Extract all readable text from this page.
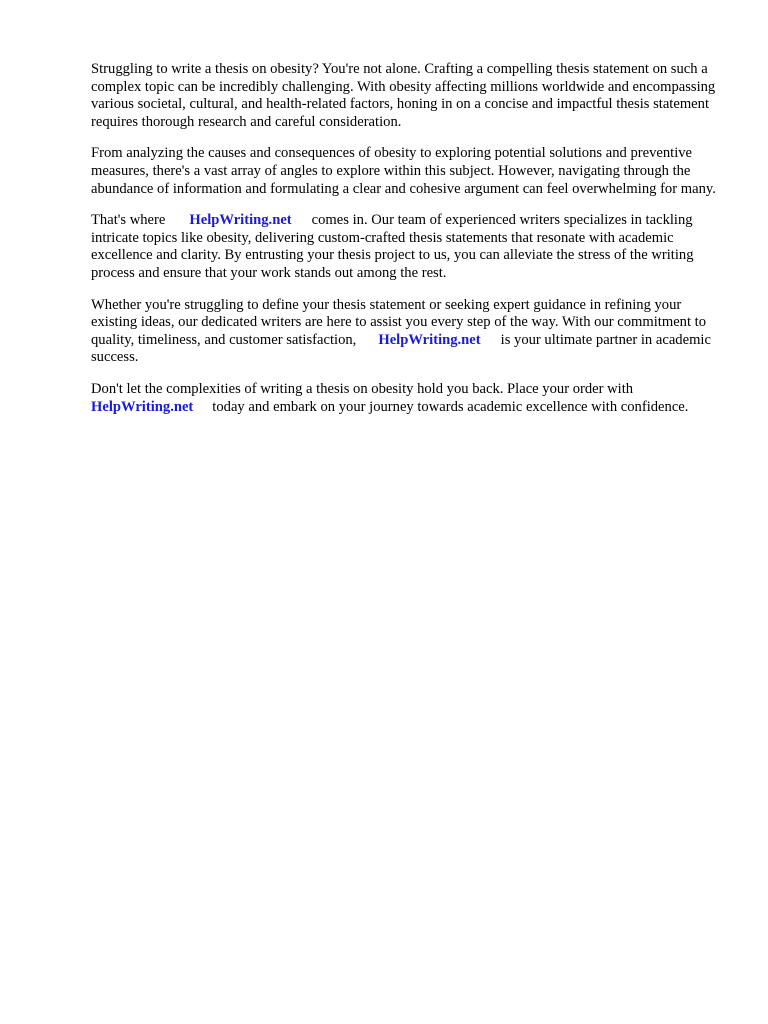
Struggling to write a thesis on obesity? You're not alone. Crafting a compelling thesis statement on such a complex topic can be incredibly challenging. With obesity affecting millions worldwide and encompassing various societal, cultural, and health-related factors, honing in on a concise and impactful thesis statement requires thorough research and careful consideration.

From analyzing the causes and consequences of obesity to exploring potential solutions and preventive measures, there's a vast array of angles to explore within this subject. However, navigating through the abundance of information and formulating a clear and cohesive argument can feel overwhelming for many.

That's where HelpWriting.net comes in. Our team of experienced writers specializes in tackling intricate topics like obesity, delivering custom-crafted thesis statements that resonate with academic excellence and clarity. By entrusting your thesis project to us, you can alleviate the stress of the writing process and ensure that your work stands out among the rest.

Whether you're struggling to define your thesis statement or seeking expert guidance in refining your existing ideas, our dedicated writers are here to assist you every step of the way. With our commitment to quality, timeliness, and customer satisfaction, HelpWriting.net is your ultimate partner in academic success.

Don't let the complexities of writing a thesis on obesity hold you back. Place your order with HelpWriting.net today and embark on your journey towards academic excellence with confidence.
